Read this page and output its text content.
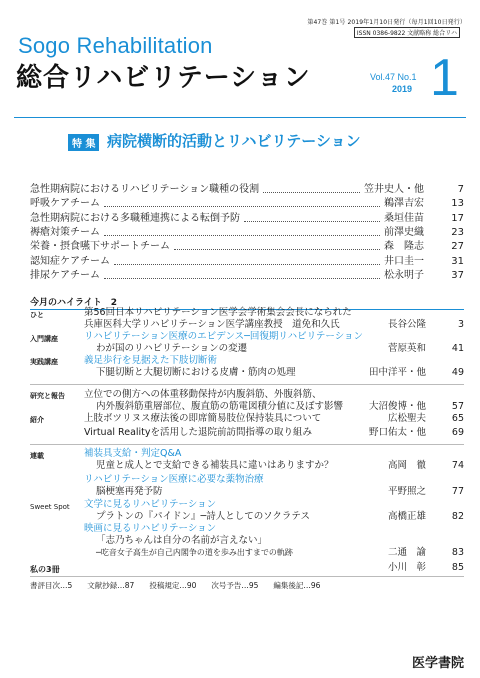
第47巻 第1号 2019年1月10日発行（毎月1回10日発行）
ISSN 0386-9822 文献略称 総合リハ
Sogo Rehabilitation
総合リハビリテーション	Vol.47 No.1
2019 1
特 集 病院横断的活動とリハビリテーション
急性期病院におけるリハビリテーション職種の役割	笠井史人・他	7
呼吸ケアチーム	鵜澤吉宏	13
急性期病院における多職種連携による転倒予防	桑垣佳苗	17
褥瘡対策チーム	前澤史織	23
栄養・摂食嚥下サポートチーム	森　隆志	27
認知症ケアチーム	井口圭一	31
排尿ケアチーム	松永明子	37
今月のハイライト　 2
ひと	第56回日本リハビリテーション医学会学術集会会長になられた
兵庫医科大学リハビリテーション医学講座教授　道免和久氏	長谷公隆	3
入門講座	リハビリテーション医療のエビデンス─回復期リハビリテーション
わが国のリハビリテーションの変遷	菅原英和	41
実践講座	義足歩行を見据えた下肢切断術
下腿切断と大腿切断における皮膚・筋肉の処理	田中洋平・他	49
研究と報告 立位での側方への体重移動保持が内腹斜筋、外腹斜筋、
内外腹斜筋重層部位、腹直筋の筋電図積分値に及ぼす影響	大沼俊博・他	57
紹介	上肢ボツリヌス療法後の即席簡易肢位保持装具について	広松聖夫	65
Virtual Realityを活用した退院前訪問指導の取り組み	野口佑太・他	69
連載	補装具支給・判定Q&A
児童と成人とで支給できる補装具に違いはありますか？	高岡　徹	74
リハビリテーション医療に必要な薬物治療
脳梗塞再発予防	平野照之	77
Sweet Spot 文学に見るリハビリテーション
プラトンの『パイドン』─詩人としてのソクラテス	高橋正雄	82
映画に見るリハビリテーション
「志乃ちゃんは自分の名前が言えない」
─吃音女子高生が自己内閣争の道を歩み出すまでの軌跡	二通　諭	83
私の3冊	小川　彰	85
書評目次…5　　文献抄録…87　　投稿規定…90　　次号予告…95　　編集後記…96
医学書院
